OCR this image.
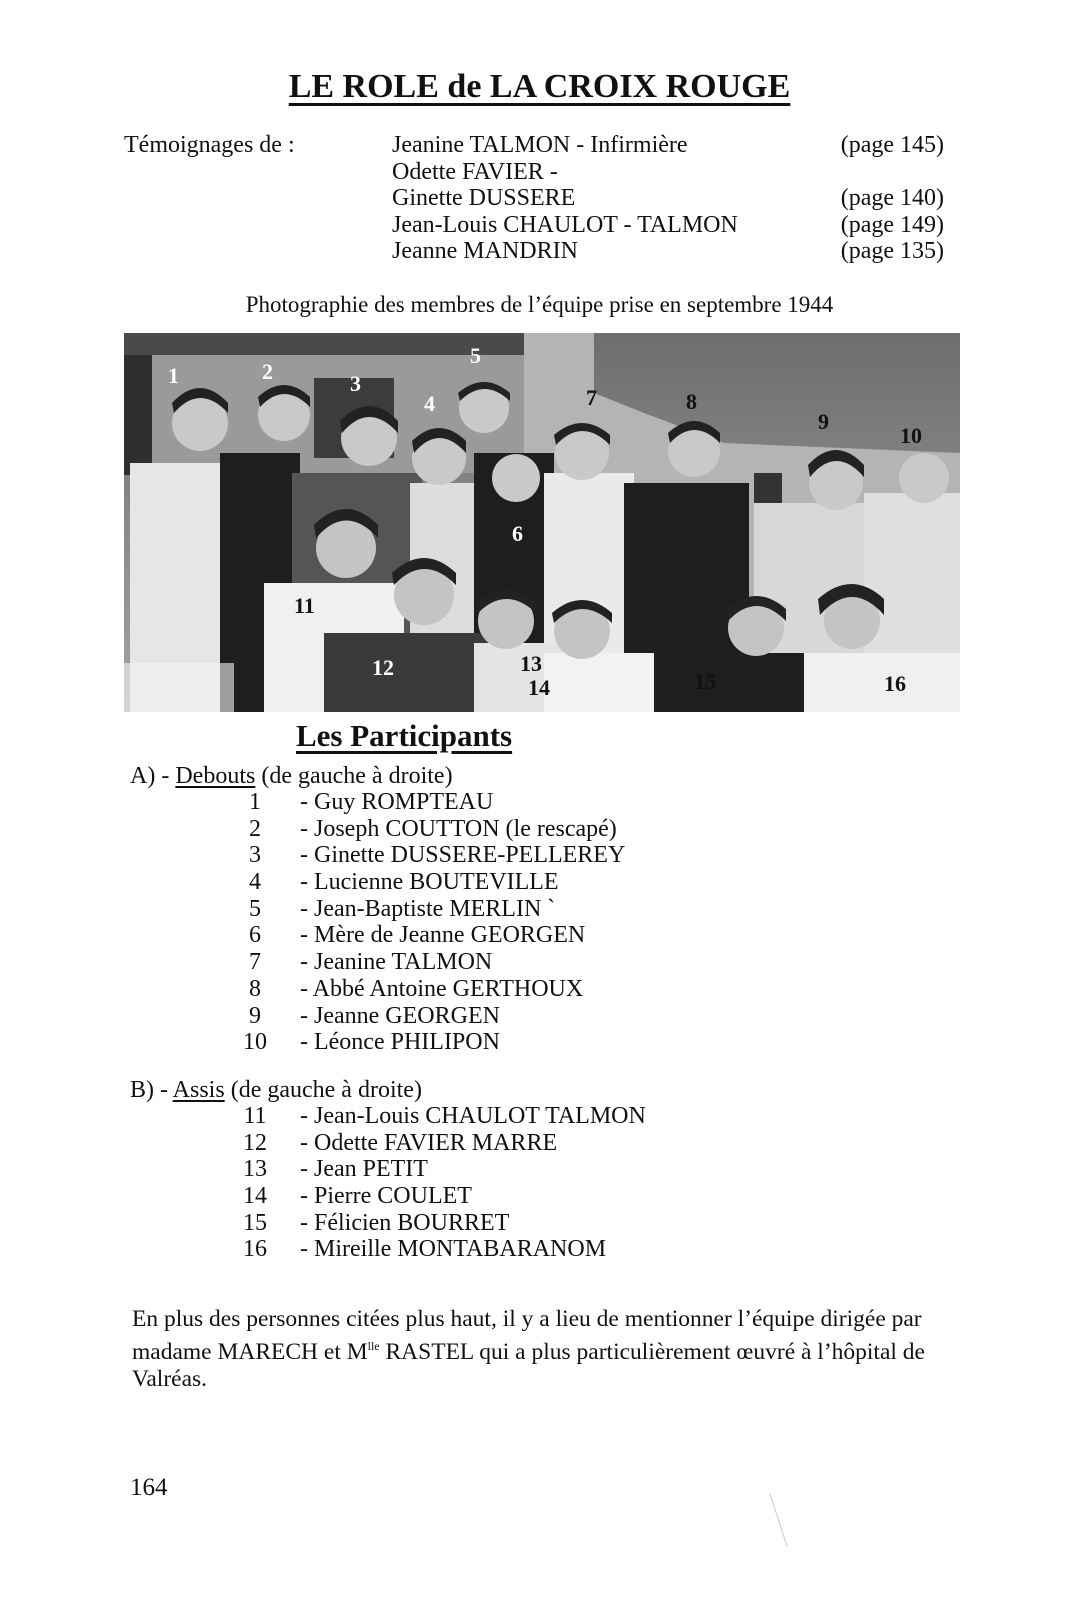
LE ROLE de LA CROIX ROUGE
Témoignages de :	Jeanine TALMON - Infirmière	(page 145)
Odette FAVIER -
Ginette DUSSERE	(page 140)
Jean-Louis CHAULOT - TALMON	(page 149)
Jeanne MANDRIN	(page 135)
Photographie des membres de l’équipe prise en septembre 1944
1	2	3
4
5
6
7	8
9
10
11
12	13
14	15	16
Les Participants
A) - Debouts (de gauche à droite)
1	- Guy ROMPTEAU
2	- Joseph COUTTON (le rescapé)
3	- Ginette DUSSERE-PELLEREY
4	- Lucienne BOUTEVILLE
5	- Jean-Baptiste MERLIN `
6	- Mère de Jeanne GEORGEN
7	- Jeanine TALMON
8	- Abbé Antoine GERTHOUX
9	- Jeanne GEORGEN
10	- Léonce PHILIPON
B) - Assis (de gauche à droite)
11	- Jean-Louis CHAULOT TALMON
12	- Odette FAVIER MARRE
13	- Jean PETIT
14	- Pierre COULET
15	- Félicien BOURRET
16	- Mireille MONTABARANOM
En plus des personnes citées plus haut, il y a lieu de mentionner l’équipe dirigée par madame MARECH et $M^{lle}$ RASTEL qui a plus particulièrement œuvré à l’hôpital de Valréas.
164
